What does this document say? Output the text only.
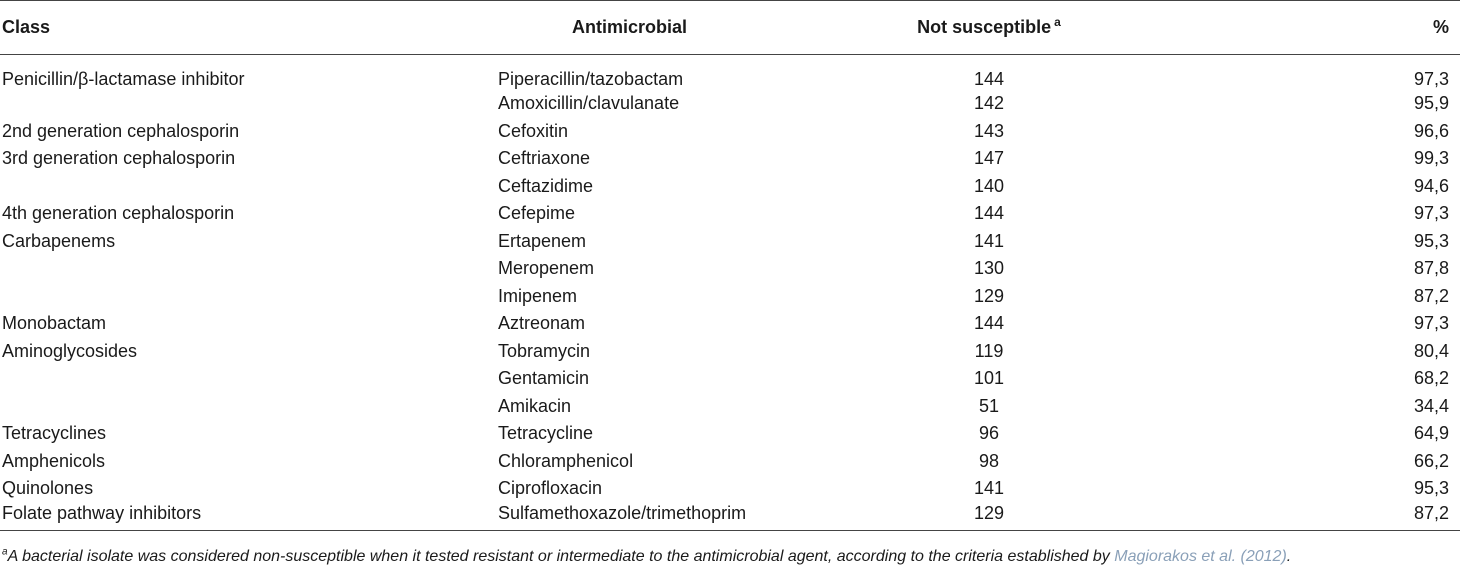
Class	Antimicrobial	Not susceptible $^a$	%
Penicillin/β-lactamase inhibitor	Piperacillin/tazobactam	144	97,3
	Amoxicillin/clavulanate	142	95,9
2nd generation cephalosporin	Cefoxitin	143	96,6
3rd generation cephalosporin	Ceftriaxone	147	99,3
	Ceftazidime	140	94,6
4th generation cephalosporin	Cefepime	144	97,3
Carbapenems	Ertapenem	141	95,3
	Meropenem	130	87,8
	Imipenem	129	87,2
Monobactam	Aztreonam	144	97,3
Aminoglycosides	Tobramycin	119	80,4
	Gentamicin	101	68,2
	Amikacin	51	34,4
Tetracyclines	Tetracycline	96	64,9
Amphenicols	Chloramphenicol	98	66,2
Quinolones	Ciprofloxacin	141	95,3
Folate pathway inhibitors	Sulfamethoxazole/trimethoprim	129	87,2
$^a$A bacterial isolate was considered non-susceptible when it tested resistant or intermediate to the antimicrobial agent, according to the criteria established by Magiorakos et al. (2012).
